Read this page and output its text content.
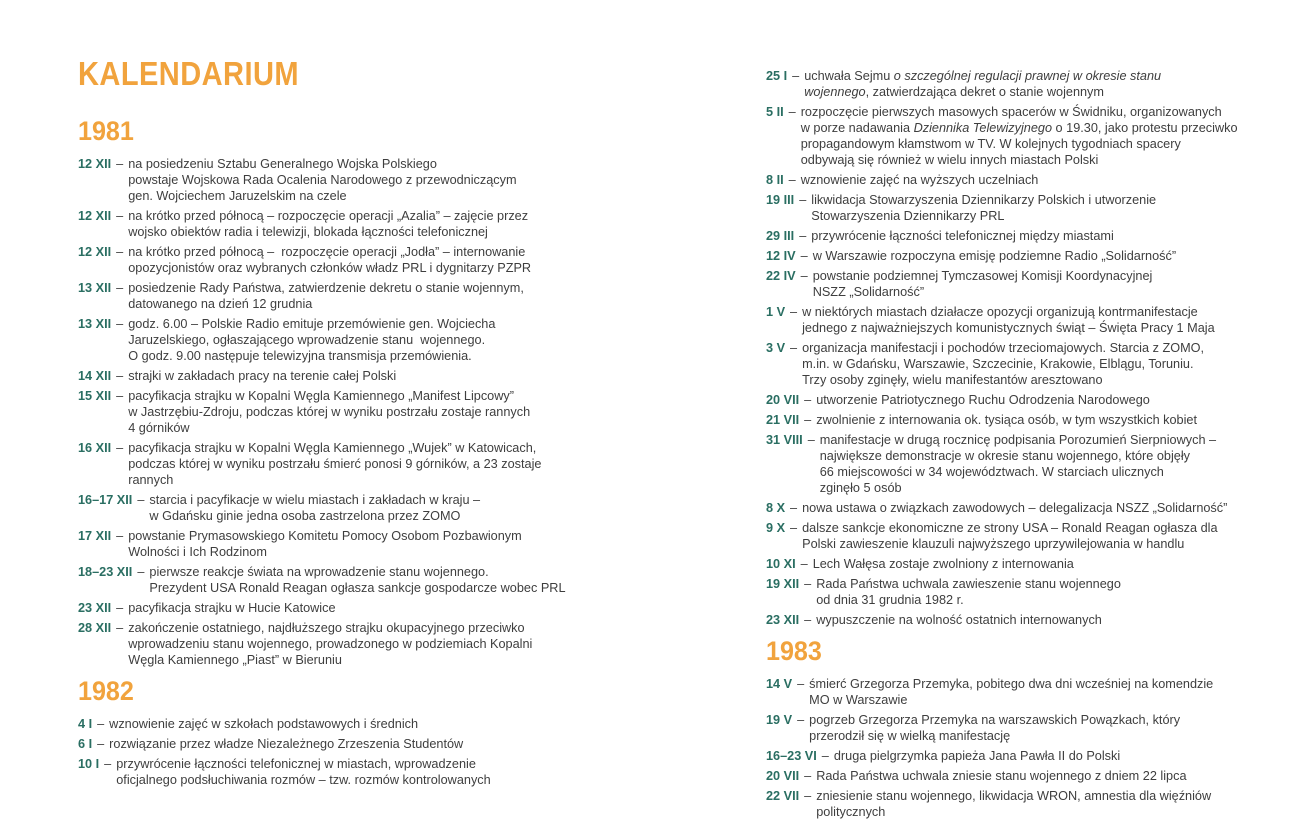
KALENDARIUM
1981
12 XII – na posiedzeniu Sztabu Generalnego Wojska Polskiego
powstaje Wojskowa Rada Ocalenia Narodowego z przewodniczącym
gen. Wojciechem Jaruzelskim na czele
12 XII – na krótko przed północą – rozpoczęcie operacji „Azalia” – zajęcie przez
wojsko obiektów radia i telewizji, blokada łączności telefonicznej
12 XII – na krótko przed północą –  rozpoczęcie operacji „Jodła” – internowanie
opozycjonistów oraz wybranych członków władz PRL i dygnitarzy PZPR
13 XII – posiedzenie Rady Państwa, zatwierdzenie dekretu o stanie wojennym,
datowanego na dzień 12 grudnia
13 XII – godz. 6.00 – Polskie Radio emituje przemówienie gen. Wojciecha
Jaruzelskiego, ogłaszającego wprowadzenie stanu  wojennego.
O godz. 9.00 następuje telewizyjna transmisja przemówienia.
14 XII – strajki w zakładach pracy na terenie całej Polski
15 XII – pacyfikacja strajku w Kopalni Węgla Kamiennego „Manifest Lipcowy”
w Jastrzębiu-Zdroju, podczas której w wyniku postrzału zostaje rannych
4 górników
16 XII – pacyfikacja strajku w Kopalni Węgla Kamiennego „Wujek” w Katowicach,
podczas której w wyniku postrzału śmierć ponosi 9 górników, a 23 zostaje
rannych
16–17 XII – starcia i pacyfikacje w wielu miastach i zakładach w kraju –
w Gdańsku ginie jedna osoba zastrzelona przez ZOMO
17 XII – powstanie Prymasowskiego Komitetu Pomocy Osobom Pozbawionym
Wolności i Ich Rodzinom
18–23 XII – pierwsze reakcje świata na wprowadzenie stanu wojennego.
Prezydent USA Ronald Reagan ogłasza sankcje gospodarcze wobec PRL
23 XII – pacyfikacja strajku w Hucie Katowice
28 XII – zakończenie ostatniego, najdłuższego strajku okupacyjnego przeciwko
wprowadzeniu stanu wojennego, prowadzonego w podziemiach Kopalni
Węgla Kamiennego „Piast” w Bieruniu
1982
4 I – wznowienie zajęć w szkołach podstawowych i średnich
6 I – rozwiązanie przez władze Niezależnego Zrzeszenia Studentów
10 I – przywrócenie łączności telefonicznej w miastach, wprowadzenie
oficjalnego podsłuchiwania rozmów – tzw. rozmów kontrolowanych
25 I – uchwała Sejmu o szczególnej regulacji prawnej w okresie stanu
wojennego, zatwierdzająca dekret o stanie wojennym
5 II – rozpoczęcie pierwszych masowych spacerów w Świdniku, organizowanych
w porze nadawania Dziennika Telewizyjnego o 19.30, jako protestu przeciwko
propagandowym kłamstwom w TV. W kolejnych tygodniach spacery
odbywają się również w wielu innych miastach Polski
8 II – wznowienie zajęć na wyższych uczelniach
19 III – likwidacja Stowarzyszenia Dziennikarzy Polskich i utworzenie
Stowarzyszenia Dziennikarzy PRL
29 III – przywrócenie łączności telefonicznej między miastami
12 IV – w Warszawie rozpoczyna emisję podziemne Radio „Solidarność”
22 IV – powstanie podziemnej Tymczasowej Komisji Koordynacyjnej
NSZZ „Solidarność”
1 V – w niektórych miastach działacze opozycji organizują kontrmanifestacje
jednego z najważniejszych komunistycznych świąt – Święta Pracy 1 Maja
3 V – organizacja manifestacji i pochodów trzeciomajowych. Starcia z ZOMO,
m.in. w Gdańsku, Warszawie, Szczecinie, Krakowie, Elblągu, Toruniu.
Trzy osoby zginęły, wielu manifestantów aresztowano
20 VII – utworzenie Patriotycznego Ruchu Odrodzenia Narodowego
21 VII – zwolnienie z internowania ok. tysiąca osób, w tym wszystkich kobiet
31 VIII – manifestacje w drugą rocznicę podpisania Porozumień Sierpniowych –
największe demonstracje w okresie stanu wojennego, które objęły
66 miejscowości w 34 województwach. W starciach ulicznych
zginęło 5 osób
8 X – nowa ustawa o związkach zawodowych – delegalizacja NSZZ „Solidarność”
9 X – dalsze sankcje ekonomiczne ze strony USA – Ronald Reagan ogłasza dla
Polski zawieszenie klauzuli najwyższego uprzywilejowania w handlu
10 XI – Lech Wałęsa zostaje zwolniony z internowania
19 XII – Rada Państwa uchwala zawieszenie stanu wojennego
od dnia 31 grudnia 1982 r.
23 XII – wypuszczenie na wolność ostatnich internowanych
1983
14 V – śmierć Grzegorza Przemyka, pobitego dwa dni wcześniej na komendzie
MO w Warszawie
19 V – pogrzeb Grzegorza Przemyka na warszawskich Powązkach, który
przerodził się w wielką manifestację
16–23 VI – druga pielgrzymka papieża Jana Pawła II do Polski
20 VII – Rada Państwa uchwala zniesie stanu wojennego z dniem 22 lipca
22 VII – zniesienie stanu wojennego, likwidacja WRON, amnestia dla więźniów
politycznych
